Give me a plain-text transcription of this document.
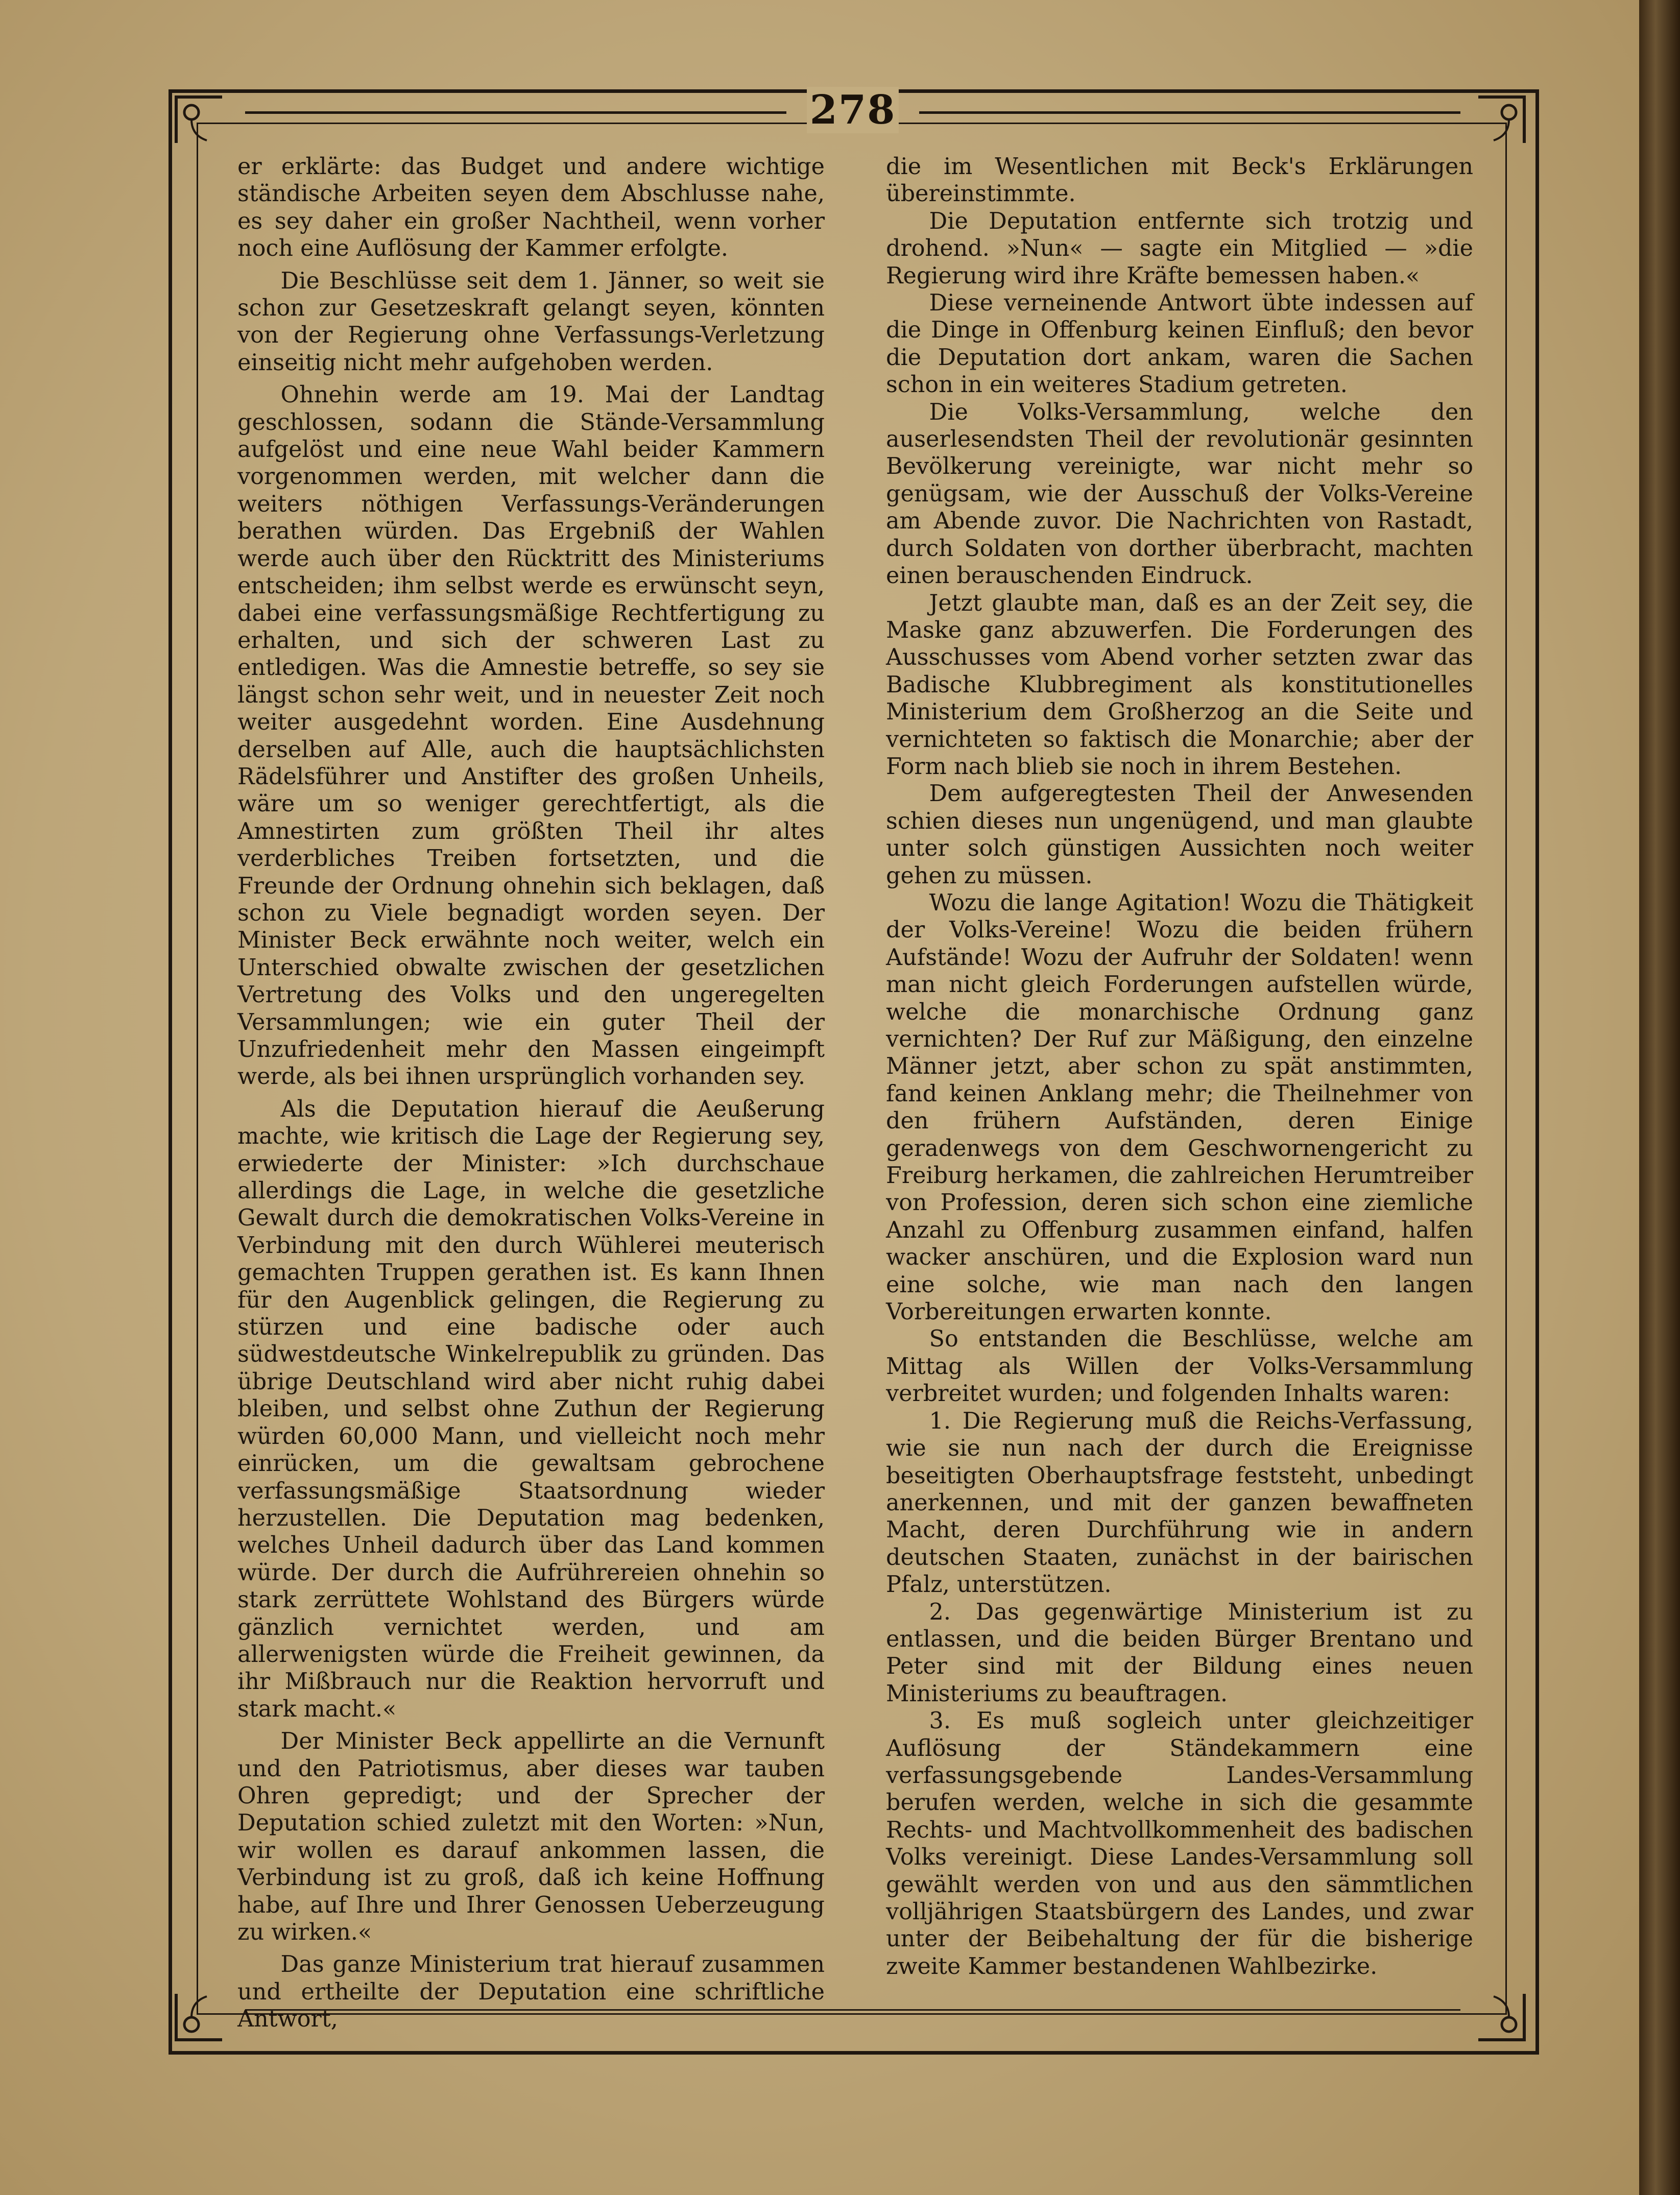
278

er erklärte: das Budget und andere wichtige ständische Arbeiten seyen dem Abschlusse nahe, es sey daher ein großer Nachtheil, wenn vorher noch eine Auflösung der Kammer erfolgte.

Die Beschlüsse seit dem 1. Jänner, so weit sie schon zur Gesetzeskraft gelangt seyen, könnten von der Regierung ohne Verfassungs-Verletzung einseitig nicht mehr aufgehoben werden.

Ohnehin werde am 19. Mai der Landtag geschlossen, sodann die Stände-Versammlung aufgelöst und eine neue Wahl beider Kammern vorgenommen werden, mit welcher dann die weiters nöthigen Verfassungs-Veränderungen berathen würden. Das Ergebniß der Wahlen werde auch über den Rücktritt des Ministeriums entscheiden; ihm selbst werde es erwünscht seyn, dabei eine verfassungsmäßige Rechtfertigung zu erhalten, und sich der schweren Last zu entledigen. Was die Amnestie betreffe, so sey sie längst schon sehr weit, und in neuester Zeit noch weiter ausgedehnt worden. Eine Ausdehnung derselben auf Alle, auch die hauptsächlichsten Rädelsführer und Anstifter des großen Unheils, wäre um so weniger gerechtfertigt, als die Amnestirten zum größten Theil ihr altes verderbliches Treiben fortsetzten, und die Freunde der Ordnung ohnehin sich beklagen, daß schon zu Viele begnadigt worden seyen. Der Minister Beck erwähnte noch weiter, welch ein Unterschied obwalte zwischen der gesetzlichen Vertretung des Volks und den ungeregelten Versammlungen; wie ein guter Theil der Unzufriedenheit mehr den Massen eingeimpft werde, als bei ihnen ursprünglich vorhanden sey.

Als die Deputation hierauf die Aeußerung machte, wie kritisch die Lage der Regierung sey, erwiederte der Minister: »Ich durchschaue allerdings die Lage, in welche die gesetzliche Gewalt durch die demokratischen Volks-Vereine in Verbindung mit den durch Wühlerei meuterisch gemachten Truppen gerathen ist. Es kann Ihnen für den Augenblick gelingen, die Regierung zu stürzen und eine badische oder auch südwestdeutsche Winkelrepublik zu gründen. Das übrige Deutschland wird aber nicht ruhig dabei bleiben, und selbst ohne Zuthun der Regierung würden 60,000 Mann, und vielleicht noch mehr einrücken, um die gewaltsam gebrochene verfassungsmäßige Staatsordnung wieder herzustellen. Die Deputation mag bedenken, welches Unheil dadurch über das Land kommen würde. Der durch die Aufrührereien ohnehin so stark zerrüttete Wohlstand des Bürgers würde gänzlich vernichtet werden, und am allerwenigsten würde die Freiheit gewinnen, da ihr Mißbrauch nur die Reaktion hervorruft und stark macht.«

Der Minister Beck appellirte an die Vernunft und den Patriotismus, aber dieses war tauben Ohren gepredigt; und der Sprecher der Deputation schied zuletzt mit den Worten: »Nun, wir wollen es darauf ankommen lassen, die Verbindung ist zu groß, daß ich keine Hoffnung habe, auf Ihre und Ihrer Genossen Ueberzeugung zu wirken.«

Das ganze Ministerium trat hierauf zusammen und ertheilte der Deputation eine schriftliche Antwort,

die im Wesentlichen mit Beck's Erklärungen übereinstimmte.

Die Deputation entfernte sich trotzig und drohend. »Nun« — sagte ein Mitglied — »die Regierung wird ihre Kräfte bemessen haben.«

Diese verneinende Antwort übte indessen auf die Dinge in Offenburg keinen Einfluß; den bevor die Deputation dort ankam, waren die Sachen schon in ein weiteres Stadium getreten.

Die Volks-Versammlung, welche den auserlesendsten Theil der revolutionär gesinnten Bevölkerung vereinigte, war nicht mehr so genügsam, wie der Ausschuß der Volks-Vereine am Abende zuvor. Die Nachrichten von Rastadt, durch Soldaten von dorther überbracht, machten einen berauschenden Eindruck.

Jetzt glaubte man, daß es an der Zeit sey, die Maske ganz abzuwerfen. Die Forderungen des Ausschusses vom Abend vorher setzten zwar das Badische Klubbregiment als konstitutionelles Ministerium dem Großherzog an die Seite und vernichteten so faktisch die Monarchie; aber der Form nach blieb sie noch in ihrem Bestehen.

Dem aufgeregtesten Theil der Anwesenden schien dieses nun ungenügend, und man glaubte unter solch günstigen Aussichten noch weiter gehen zu müssen.

Wozu die lange Agitation! Wozu die Thätigkeit der Volks-Vereine! Wozu die beiden frühern Aufstände! Wozu der Aufruhr der Soldaten! wenn man nicht gleich Forderungen aufstellen würde, welche die monarchische Ordnung ganz vernichten? Der Ruf zur Mäßigung, den einzelne Männer jetzt, aber schon zu spät anstimmten, fand keinen Anklang mehr; die Theilnehmer von den frühern Aufständen, deren Einige geradenwegs von dem Geschwornengericht zu Freiburg herkamen, die zahlreichen Herumtreiber von Profession, deren sich schon eine ziemliche Anzahl zu Offenburg zusammen einfand, halfen wacker anschüren, und die Explosion ward nun eine solche, wie man nach den langen Vorbereitungen erwarten konnte.

So entstanden die Beschlüsse, welche am Mittag als Willen der Volks-Versammlung verbreitet wurden; und folgenden Inhalts waren:

1. Die Regierung muß die Reichs-Verfassung, wie sie nun nach der durch die Ereignisse beseitigten Oberhauptsfrage feststeht, unbedingt anerkennen, und mit der ganzen bewaffneten Macht, deren Durchführung wie in andern deutschen Staaten, zunächst in der bairischen Pfalz, unterstützen.

2. Das gegenwärtige Ministerium ist zu entlassen, und die beiden Bürger Brentano und Peter sind mit der Bildung eines neuen Ministeriums zu beauftragen.

3. Es muß sogleich unter gleichzeitiger Auflösung der Ständekammern eine verfassungsgebende Landes-Versammlung berufen werden, welche in sich die gesammte Rechts- und Machtvollkommenheit des badischen Volks vereinigt. Diese Landes-Versammlung soll gewählt werden von und aus den sämmtlichen volljährigen Staatsbürgern des Landes, und zwar unter der Beibehaltung der für die bisherige zweite Kammer bestandenen Wahlbezirke.
